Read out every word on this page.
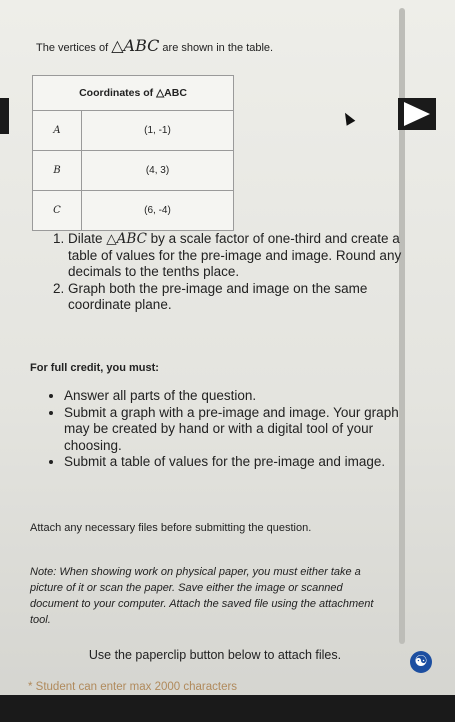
The vertices of △ABC are shown in the table.
Coordinates of △ABC	
A	(1, -1)
B	(4, 3)
C	(6, -4)
1. Dilate △ABC by a scale factor of one-third and create a table of values for the pre-image and image. Round any decimals to the tenths place.
2. Graph both the pre-image and image on the same coordinate plane.
For full credit, you must:
• Answer all parts of the question.
• Submit a graph with a pre-image and image. Your graph may be created by hand or with a digital tool of your choosing.
• Submit a table of values for the pre-image and image.
Attach any necessary files before submitting the question.
Note: When showing work on physical paper, you must either take a picture of it or scan the paper. Save either the image or scanned document to your computer. Attach the saved file using the attachment tool.
Use the paperclip button below to attach files.	☯
* Student can enter max 2000 characters
